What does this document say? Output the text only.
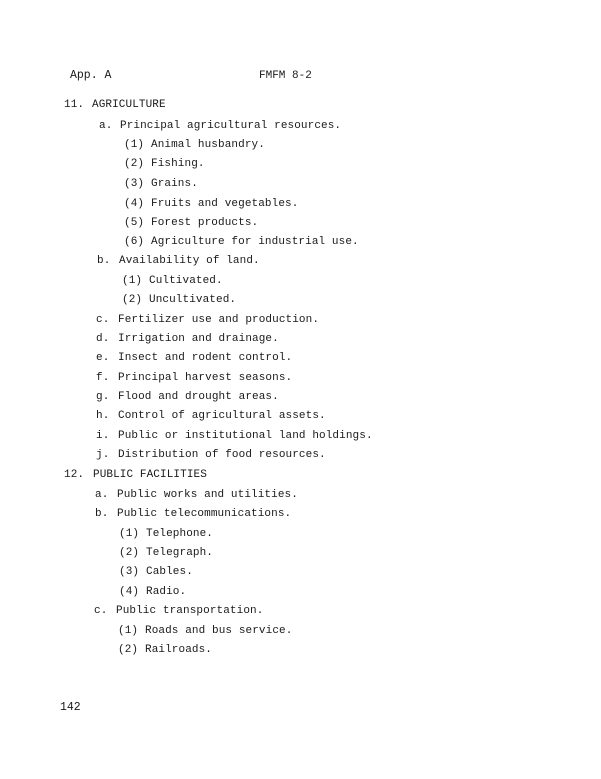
App. A	FMFM 8-2
11. AGRICULTURE
a. Principal agricultural resources.
(1) Animal husbandry.
(2) Fishing.
(3) Grains.
(4) Fruits and vegetables.
(5) Forest products.
(6) Agriculture for industrial use.
b. Availability of land.
(1) Cultivated.
(2) Uncultivated.
c. Fertilizer use and production.
d. Irrigation and drainage.
e. Insect and rodent control.
f. Principal harvest seasons.
g. Flood and drought areas.
h. Control of agricultural assets.
i. Public or institutional land holdings.
j. Distribution of food resources.
12. PUBLIC FACILITIES
a. Public works and utilities.
b. Public telecommunications.
(1) Telephone.
(2) Telegraph.
(3) Cables.
(4) Radio.
c. Public transportation.
(1) Roads and bus service.
(2) Railroads.
142
